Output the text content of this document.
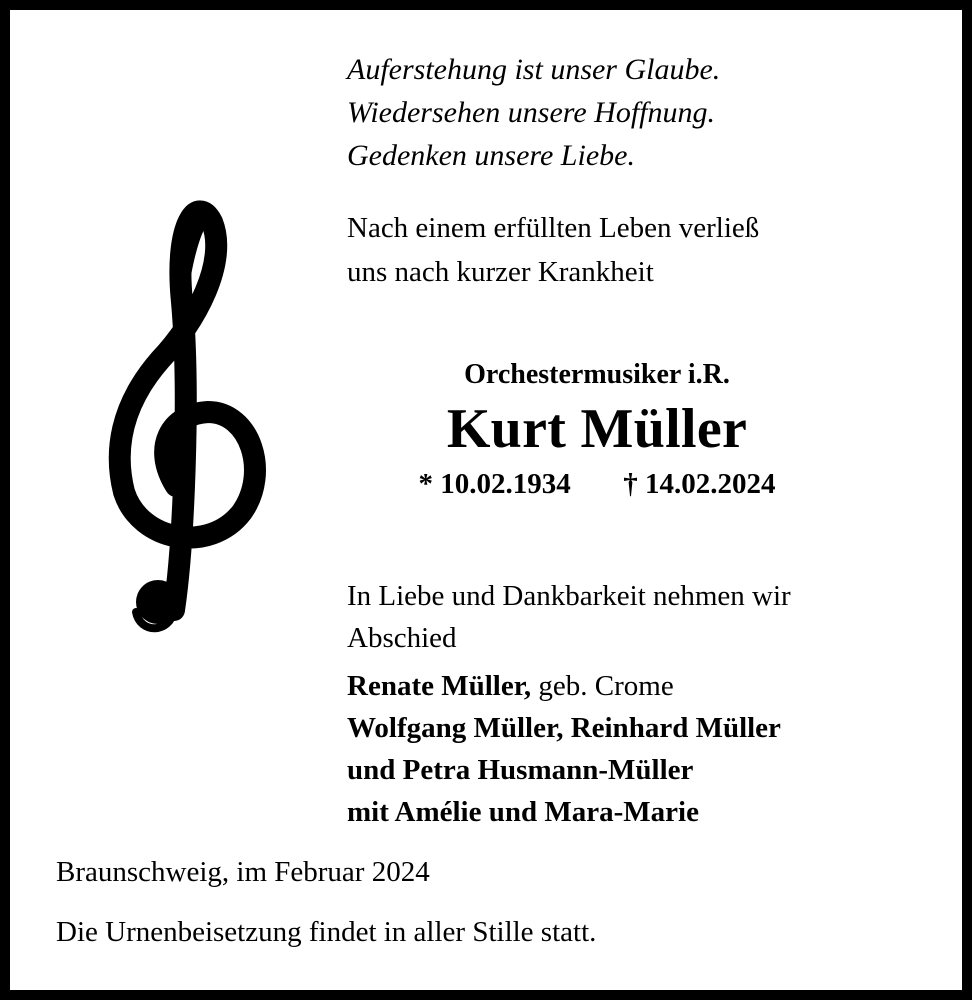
Auferstehung ist unser Glaube.
Wiedersehen unsere Hoffnung.
Gedenken unsere Liebe.
Nach einem erfüllten Leben verließ
uns nach kurzer Krankheit
Orchestermusiker i.R.
Kurt Müller
* 10.02.1934 † 14.02.2024
In Liebe und Dankbarkeit nehmen wir
Abschied
Renate Müller, geb. Crome
Wolfgang Müller, Reinhard Müller
und Petra Husmann-Müller
mit Amélie und Mara-Marie
Braunschweig, im Februar 2024
Die Urnenbeisetzung findet in aller Stille statt.
